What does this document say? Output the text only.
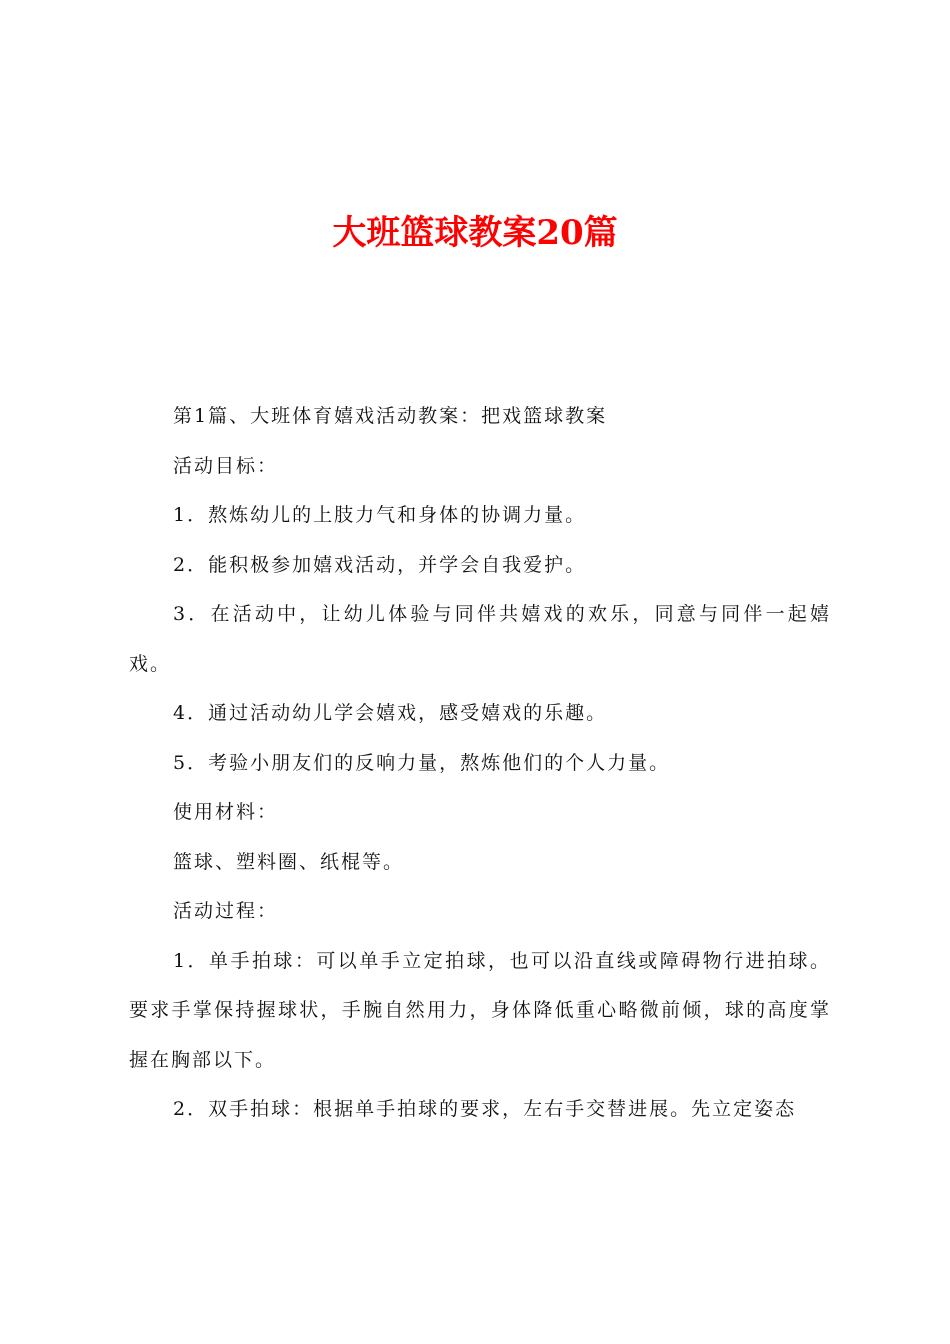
大班篮球教案20篇

第1篇、大班体育嬉戏活动教案：把戏篮球教案

活动目标：

1．熬炼幼儿的上肢力气和身体的协调力量。

2．能积极参加嬉戏活动，并学会自我爱护。

3．在活动中，让幼儿体验与同伴共嬉戏的欢乐，同意与同伴一起嬉戏。

4．通过活动幼儿学会嬉戏，感受嬉戏的乐趣。

5．考验小朋友们的反响力量，熬炼他们的个人力量。

使用材料：

篮球、塑料圈、纸棍等。

活动过程：

1．单手拍球：可以单手立定拍球，也可以沿直线或障碍物行进拍球。要求手掌保持握球状，手腕自然用力，身体降低重心略微前倾，球的高度掌握在胸部以下。

2．双手拍球：根据单手拍球的要求，左右手交替进展。先立定姿态
